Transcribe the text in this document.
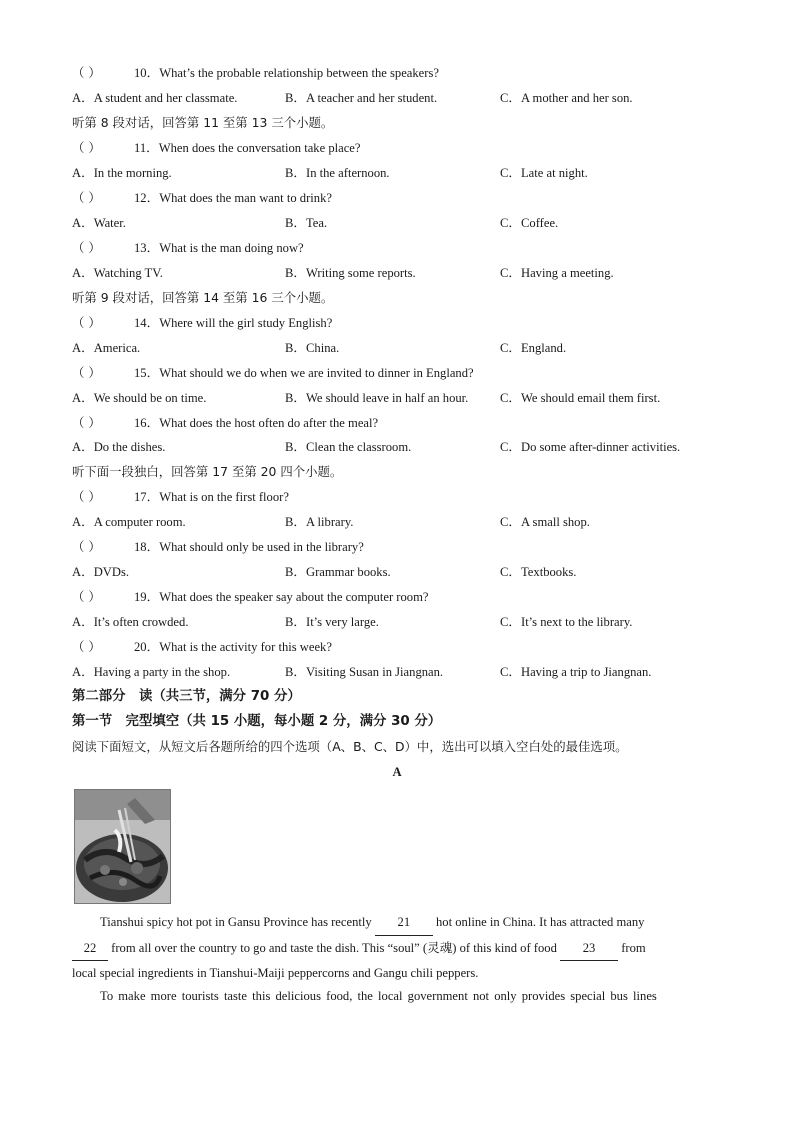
（ ）	10．What’s the probable relationship between the speakers?
A．A student and her classmate.	B．A teacher and her student.	C．A mother and her son.
听第 8 段对话，回答第 11 至第 13 三个小题。
（ ）	11．When does the conversation take place?
A．In the morning.	B．In the afternoon.	C．Late at night.
（ ）	12．What does the man want to drink?
A．Water.	B．Tea.	C．Coffee.
（ ）	13．What is the man doing now?
A．Watching TV.	B．Writing some reports.	C．Having a meeting.
听第 9 段对话，回答第 14 至第 16 三个小题。
（ ）	14．Where will the girl study English?
A．America.	B．China.	C．England.
（ ）	15．What should we do when we are invited to dinner in England?
A．We should be on time.	B．We should leave in half an hour.	C．We should email them first.
（ ）	16．What does the host often do after the meal?
A．Do the dishes.	B．Clean the classroom.	C．Do some after-dinner activities.
听下面一段独白，回答第 17 至第 20 四个小题。
（ ）	17．What is on the first floor?
A．A computer room.	B．A library.	C．A small shop.
（ ）	18．What should only be used in the library?
A．DVDs.	B．Grammar books.	C．Textbooks.
（ ）	19．What does the speaker say about the computer room?
A．It’s often crowded.	B．It’s very large.	C．It’s next to the library.
（ ）	20．What is the activity for this week?
A．Having a party in the shop.	B．Visiting Susan in Jiangnan.	C．Having a trip to Jiangnan.
第二部分　读（共三节，满分 70 分）
第一节　完型填空（共 15 小题，每小题 2 分，满分 30 分）
阅读下面短文，从短文后各题所给的四个选项（A、B、C、D）中，选出可以填入空白处的最佳选项。
A
Tianshui spicy hot pot in Gansu Province has recently 21 hot online in China. It has attracted many
22 from all over the country to go and taste the dish. This “soul” (灵魂) of this kind of food 23 from
local special ingredients in Tianshui-Maiji peppercorns and Gangu chili peppers.
To make more tourists taste this delicious food, the local government not only provides special bus lines
